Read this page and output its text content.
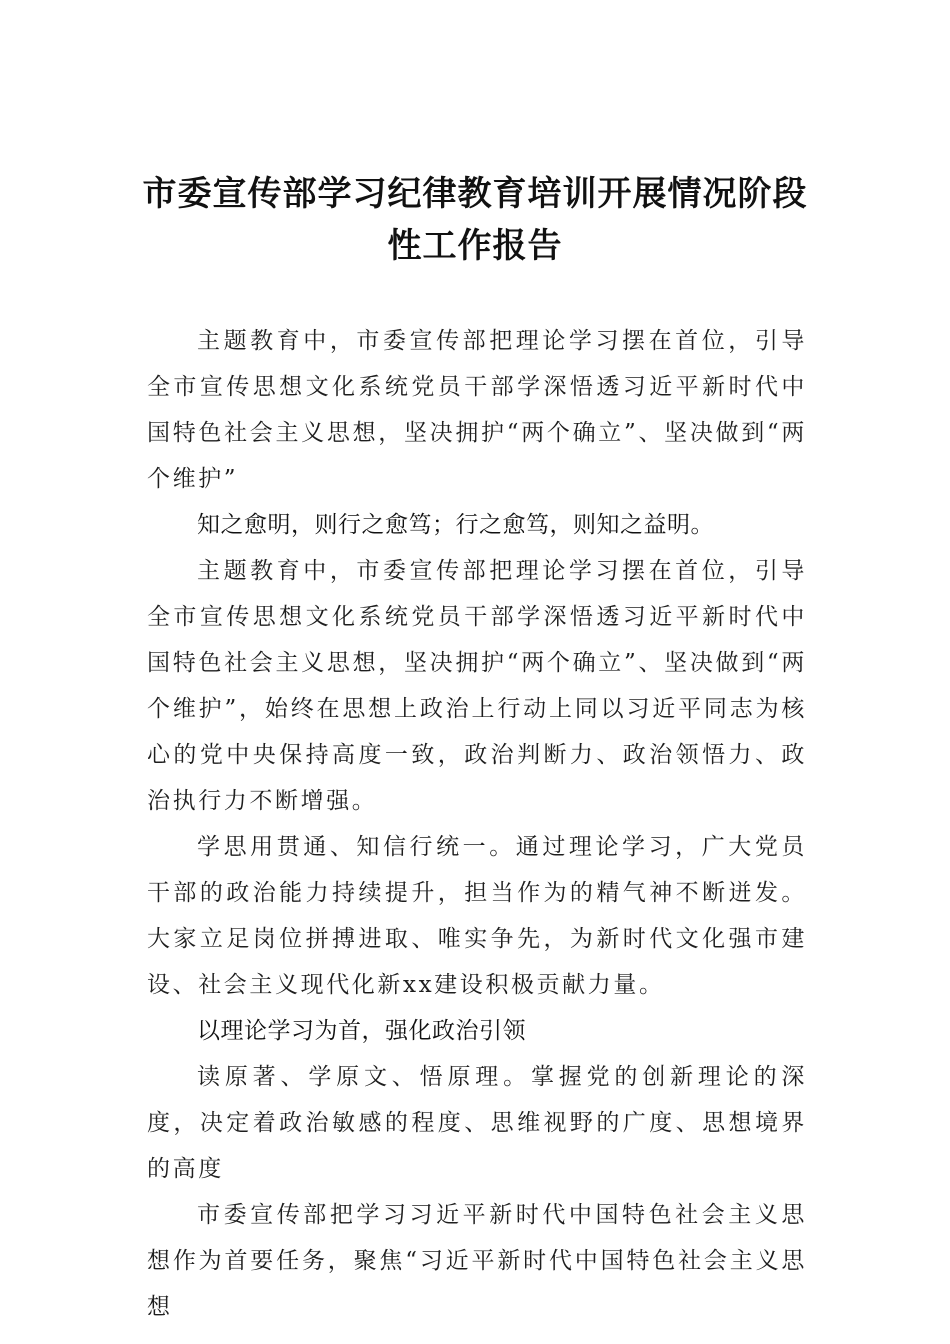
市委宣传部学习纪律教育培训开展情况阶段性工作报告

主题教育中，市委宣传部把理论学习摆在首位，引导全市宣传思想文化系统党员干部学深悟透习近平新时代中国特色社会主义思想，坚决拥护“两个确立”、坚决做到“两个维护”

知之愈明，则行之愈笃；行之愈笃，则知之益明。

主题教育中，市委宣传部把理论学习摆在首位，引导全市宣传思想文化系统党员干部学深悟透习近平新时代中国特色社会主义思想，坚决拥护“两个确立”、坚决做到“两个维护”，始终在思想上政治上行动上同以习近平同志为核心的党中央保持高度一致，政治判断力、政治领悟力、政治执行力不断增强。

学思用贯通、知信行统一。通过理论学习，广大党员干部的政治能力持续提升，担当作为的精气神不断迸发。大家立足岗位拼搏进取、唯实争先，为新时代文化强市建设、社会主义现代化新xx建设积极贡献力量。

以理论学习为首，强化政治引领

读原著、学原文、悟原理。掌握党的创新理论的深度，决定着政治敏感的程度、思维视野的广度、思想境界的高度

市委宣传部把学习习近平新时代中国特色社会主义思想作为首要任务，聚焦“习近平新时代中国特色社会主义思想
